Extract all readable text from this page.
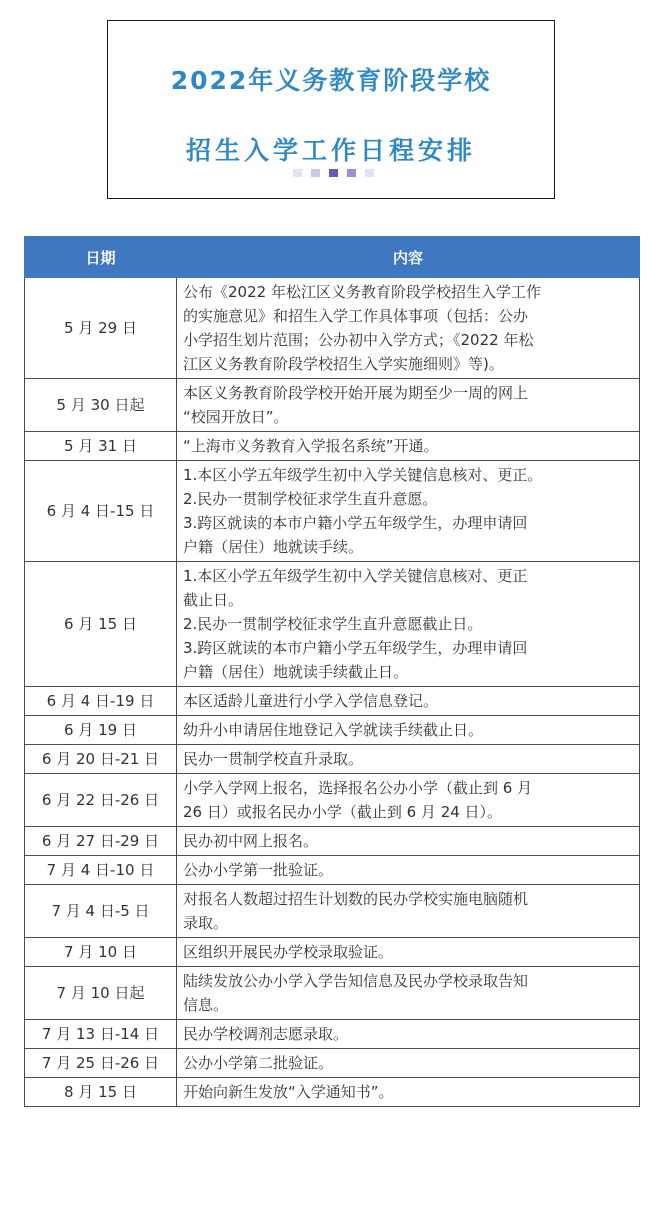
2022年义务教育阶段学校
招生入学工作日程安排
日期	内容
5 月 29 日	公布《2022 年松江区义务教育阶段学校招生入学工作
的实施意见》和招生入学工作具体事项（包括：公办
小学招生划片范围；公办初中入学方式；《2022 年松
江区义务教育阶段学校招生入学实施细则》等)。

5 月 30 日起	本区义务教育阶段学校开始开展为期至少一周的网上
“校园开放日”。

5 月 31 日	“上海市义务教育入学报名系统”开通。

6 月 4 日-15 日	1.本区小学五年级学生初中入学关键信息核对、更正。
2.民办一贯制学校征求学生直升意愿。
3.跨区就读的本市户籍小学五年级学生，办理申请回
户籍（居住）地就读手续。

6 月 15 日	1.本区小学五年级学生初中入学关键信息核对、更正
截止日。
2.民办一贯制学校征求学生直升意愿截止日。
3.跨区就读的本市户籍小学五年级学生，办理申请回
户籍（居住）地就读手续截止日。

6 月 4 日-19 日	本区适龄儿童进行小学入学信息登记。

6 月 19 日	幼升小申请居住地登记入学就读手续截止日。

6 月 20 日-21 日	民办一贯制学校直升录取。

6 月 22 日-26 日	小学入学网上报名，选择报名公办小学（截止到 6 月
26 日）或报名民办小学（截止到 6 月 24 日）。

6 月 27 日-29 日	民办初中网上报名。

7 月 4 日-10 日	公办小学第一批验证。

7 月 4 日-5 日	对报名人数超过招生计划数的民办学校实施电脑随机
录取。

7 月 10 日	区组织开展民办学校录取验证。

7 月 10 日起	陆续发放公办小学入学告知信息及民办学校录取告知
信息。

7 月 13 日-14 日	民办学校调剂志愿录取。

7 月 25 日-26 日	公办小学第二批验证。

8 月 15 日	开始向新生发放“入学通知书”。
